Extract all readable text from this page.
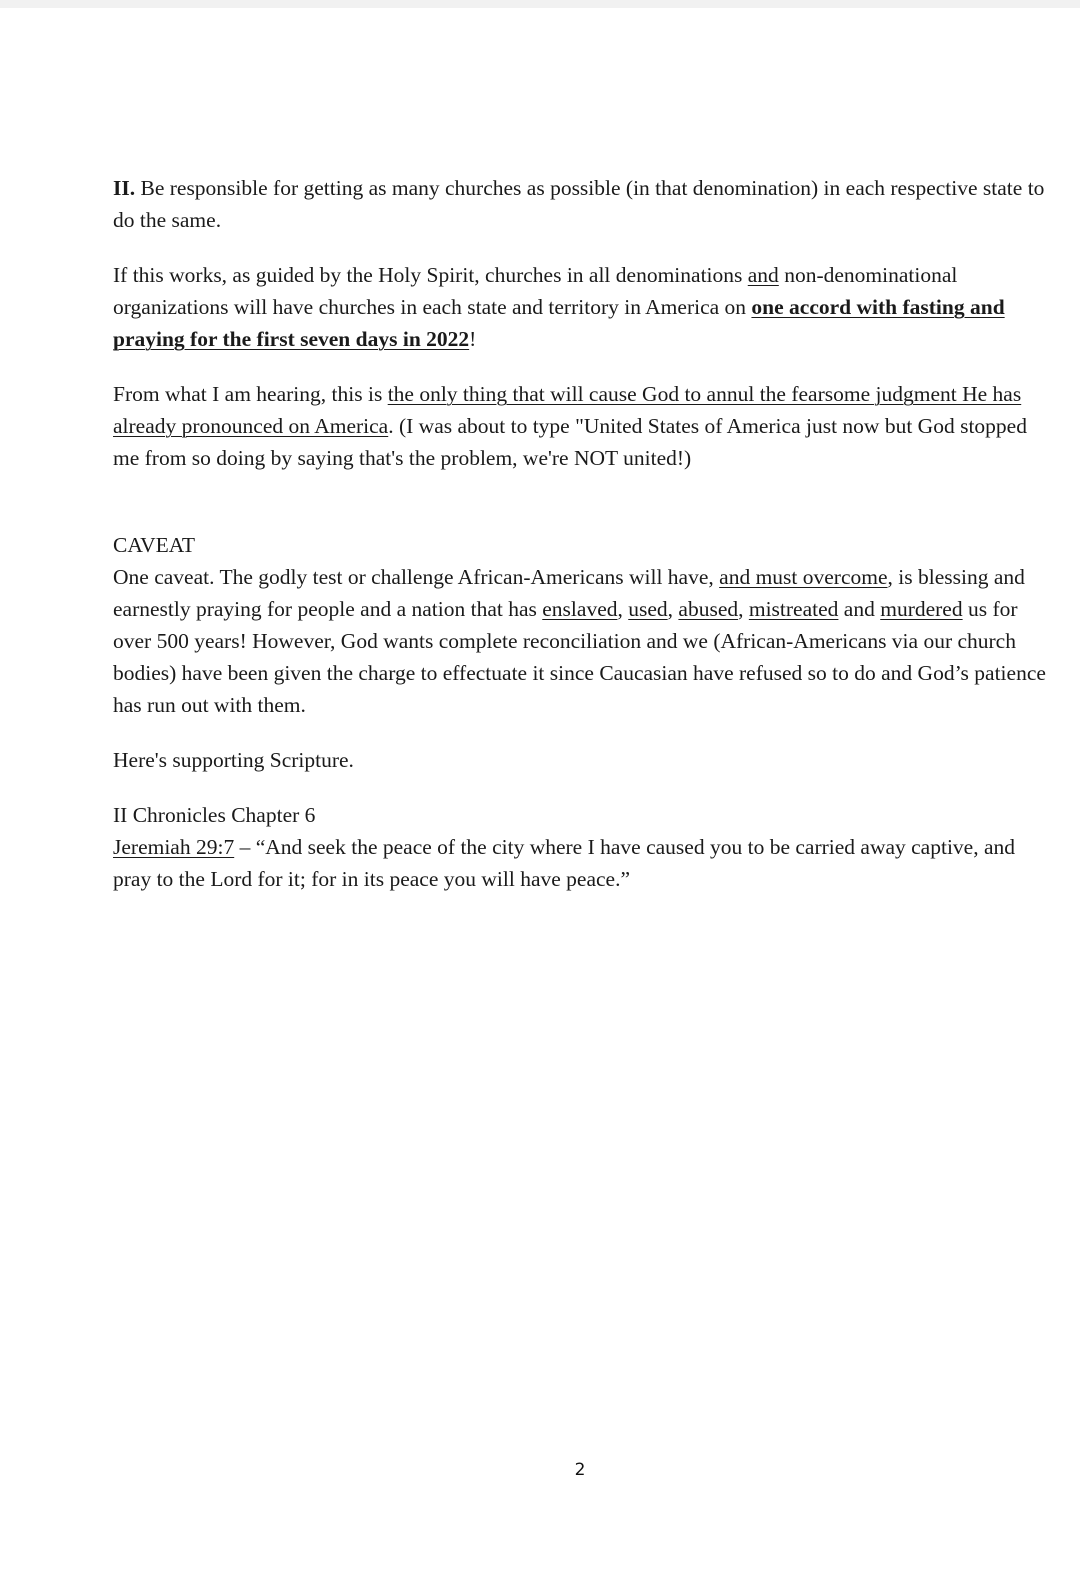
II. Be responsible for getting as many churches as possible (in that denomination) in each respective state to do the same.

If this works, as guided by the Holy Spirit, churches in all denominations and non-denominational organizations will have churches in each state and territory in America on one accord with fasting and praying for the first seven days in 2022!

From what I am hearing, this is the only thing that will cause God to annul the fearsome judgment He has already pronounced on America. (I was about to type "United States of America just now but God stopped me from so doing by saying that's the problem, we're NOT united!)

CAVEAT

One caveat. The godly test or challenge African-Americans will have, and must overcome, is blessing and earnestly praying for people and a nation that has enslaved, used, abused, mistreated and murdered us for over 500 years! However, God wants complete reconciliation and we (African-Americans via our church bodies) have been given the charge to effectuate it since Caucasian have refused so to do and God’s patience has run out with them.

Here's supporting Scripture.

II Chronicles Chapter 6

Jeremiah 29:7 – “And seek the peace of the city where I have caused you to be carried away captive, and pray to the Lord for it; for in its peace you will have peace.”

2
